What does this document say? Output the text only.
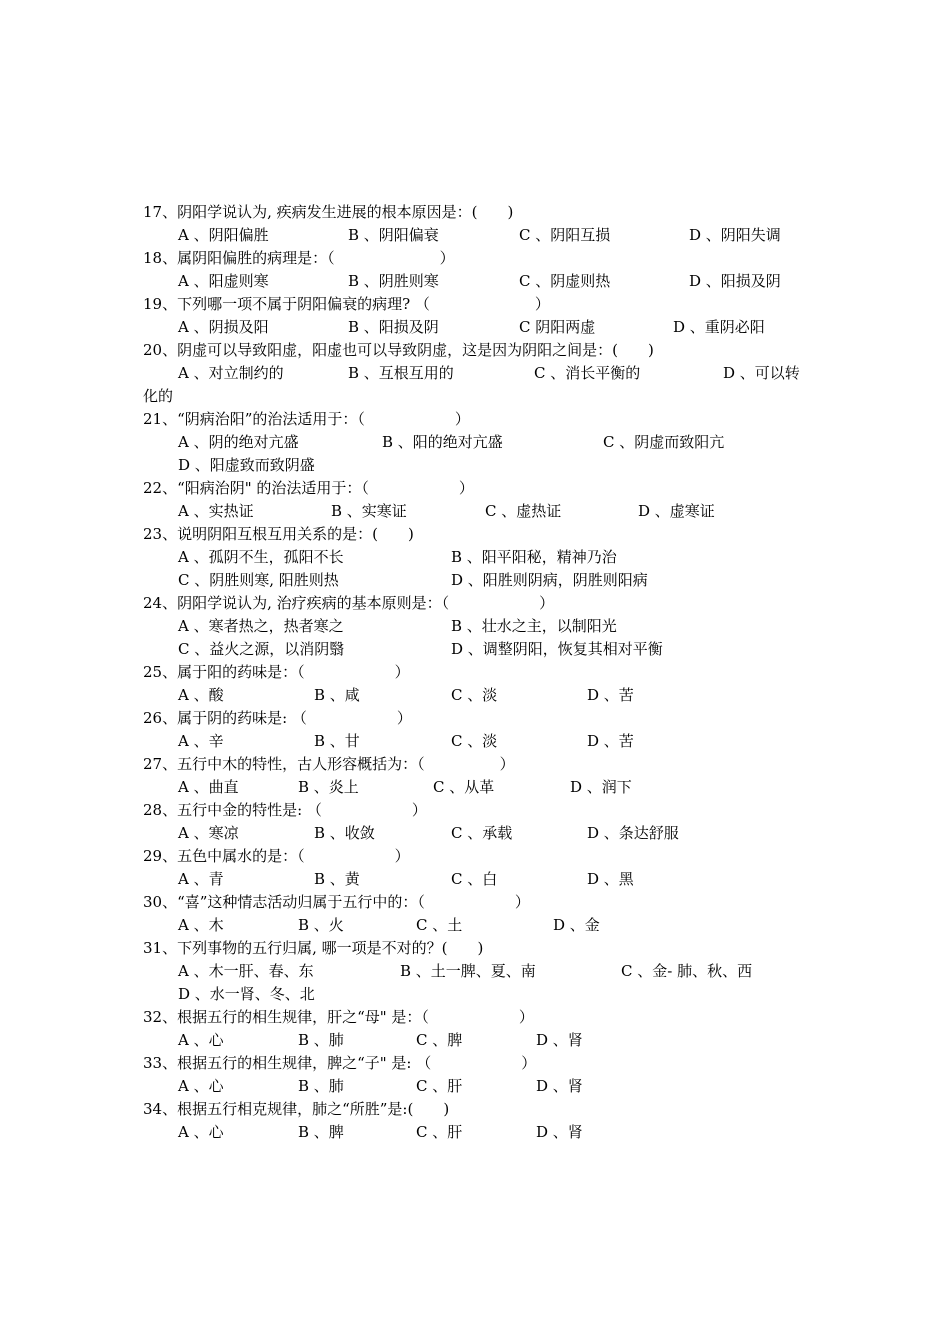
17、阴阳学说认为, 疾病发生进展的根本原因是：(　　)
A 、阴阳偏胜	B 、阴阳偏衰	C 、阴阳互损	D 、阴阳失调
18、属阴阳偏胜的病理是：（　　　　　　　）
A 、阳虚则寒	B 、阴胜则寒	C 、阴虚则热	D 、阳损及阴
19、下列哪一项不属于阴阳偏衰的病理? （　　　　　　　）
A 、阴损及阳	B 、阳损及阴	C 阴阳两虚	D 、重阴必阳
20、阴虚可以导致阳虚，阳虚也可以导致阴虚，这是因为阴阳之间是：(　　)
A 、对立制约的	B 、互根互用的	C 、消长平衡的	D 、可以转
化的
21、“阴病治阳”的治法适用于：（　　　　　　）
A 、阴的绝对亢盛	B 、阳的绝对亢盛	C 、阴虚而致阳亢
D 、阳虚致而致阴盛
22、“阳病治阴" 的治法适用于：（　　　　　　）
A 、实热证	B 、实寒证	C 、虚热证	D 、虚寒证
23、说明阴阳互根互用关系的是：(　　)
A 、孤阴不生，孤阳不长	B 、阳平阳秘，精神乃治
C 、阴胜则寒, 阳胜则热	D 、阳胜则阴病，阴胜则阳病
24、阴阳学说认为, 治疗疾病的基本原则是：（　　　　　　）
A 、寒者热之，热者寒之	B 、壮水之主，以制阳光
C 、益火之源，以消阴翳	D 、调整阴阳，恢复其相对平衡
25、属于阳的药味是：（　　　　　　）
A 、酸	B 、咸	C 、淡	D 、苦
26、属于阴的药味是: （　　　　　　）
A 、辛	B 、甘	C 、淡	D 、苦
27、五行中木的特性，古人形容概括为：（　　　　　）
A 、曲直	B 、炎上	C 、从革	D 、润下
28、五行中金的特性是: （　　　　　　）
A 、寒凉	B 、收敛	C 、承载	D 、条达舒服
29、五色中属水的是：（　　　　　　）
A 、青	B 、黄	C 、白	D 、黑
30、“喜”这种情志活动归属于五行中的：（　　　　　　）
A 、木	B 、火	C 、土	D 、金
31、下列事物的五行归属, 哪一项是不对的？(　　)
A 、木一肝、春、东	B 、土一脾、夏、南	C 、金- 肺、秋、西
D 、水一肾、冬、北
32、根据五行的相生规律，肝之“母" 是：（　　　　　　）
A 、心	B 、肺	C 、脾	D 、肾
33、根据五行的相生规律，脾之“子" 是: （　　　　　　）
A 、心	B 、肺	C 、肝	D 、肾
34、根据五行相克规律，肺之“所胜”是:(　　)
A 、心	B 、脾	C 、肝	D 、肾
